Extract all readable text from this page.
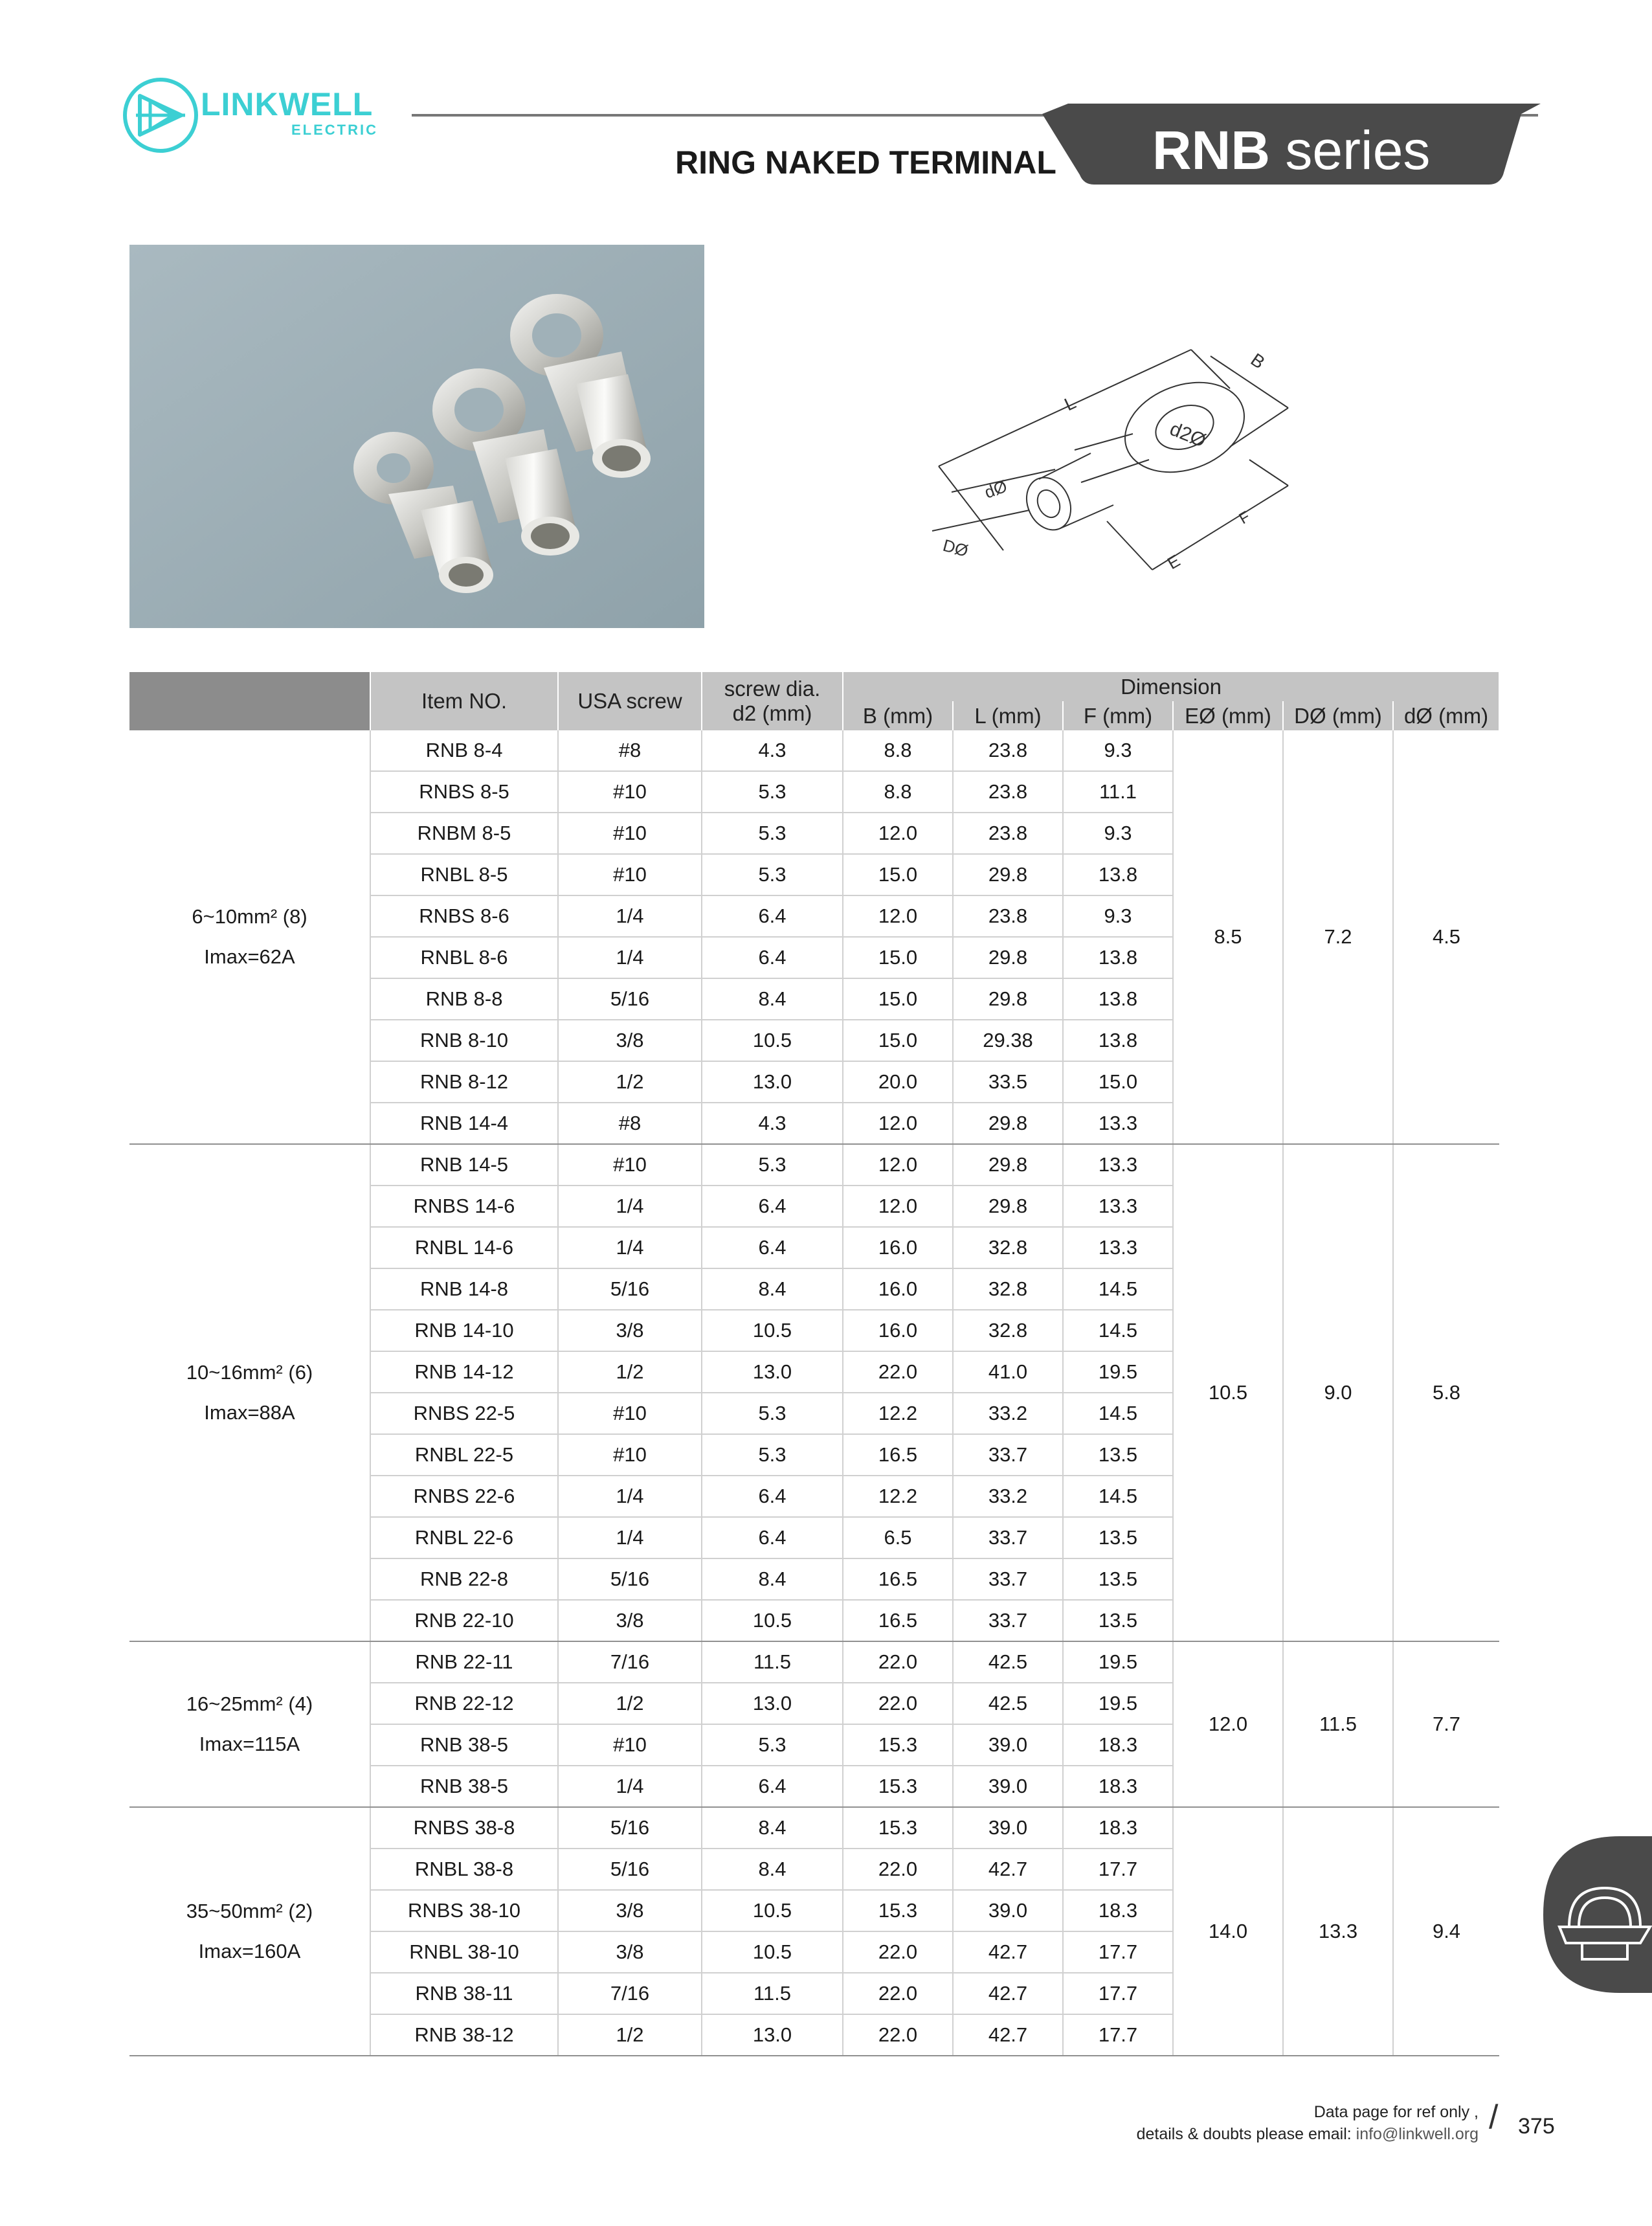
LINKWELL
ELECTRIC	RNB series
RING NAKED TERMINAL
L
B
d2Ø
F
E
dØ
DØ
	Item NO.	USA screw	screw dia.
d2 (mm)	Dimension					
				B (mm)	L (mm)	F (mm)	EØ (mm)	DØ (mm)	dØ (mm)

6~10mm² (8)
Imax=62A	RNB 8-4	#8	4.3	8.8	23.8	9.3	8.5	7.2	4.5
	RNBS 8-5	#10	5.3	8.8	23.8	11.1			
	RNBM 8-5	#10	5.3	12.0	23.8	9.3			
	RNBL 8-5	#10	5.3	15.0	29.8	13.8			
	RNBS 8-6	1/4	6.4	12.0	23.8	9.3			
	RNBL 8-6	1/4	6.4	15.0	29.8	13.8			
	RNB 8-8	5/16	8.4	15.0	29.8	13.8			
	RNB 8-10	3/8	10.5	15.0	29.38	13.8			
	RNB 8-12	1/2	13.0	20.0	33.5	15.0			
	RNB 14-4	#8	4.3	12.0	29.8	13.3			

10~16mm² (6)
Imax=88A	RNB 14-5	#10	5.3	12.0	29.8	13.3	10.5	9.0	5.8
	RNBS 14-6	1/4	6.4	12.0	29.8	13.3			
	RNBL 14-6	1/4	6.4	16.0	32.8	13.3			
	RNB 14-8	5/16	8.4	16.0	32.8	14.5			
	RNB 14-10	3/8	10.5	16.0	32.8	14.5			
	RNB 14-12	1/2	13.0	22.0	41.0	19.5			
	RNBS 22-5	#10	5.3	12.2	33.2	14.5			
	RNBL 22-5	#10	5.3	16.5	33.7	13.5			
	RNBS 22-6	1/4	6.4	12.2	33.2	14.5			
	RNBL 22-6	1/4	6.4	6.5	33.7	13.5			
	RNB 22-8	5/16	8.4	16.5	33.7	13.5			
	RNB 22-10	3/8	10.5	16.5	33.7	13.5			

16~25mm² (4)
Imax=115A	RNB 22-11	7/16	11.5	22.0	42.5	19.5	12.0	11.5	7.7
	RNB 22-12	1/2	13.0	22.0	42.5	19.5			
	RNB 38-5	#10	5.3	15.3	39.0	18.3			
	RNB 38-5	1/4	6.4	15.3	39.0	18.3			

35~50mm² (2)
Imax=160A	RNBS 38-8	5/16	8.4	15.3	39.0	18.3	14.0	13.3	9.4
	RNBL 38-8	5/16	8.4	22.0	42.7	17.7			
	RNBS 38-10	3/8	10.5	15.3	39.0	18.3			
	RNBL 38-10	3/8	10.5	22.0	42.7	17.7			
	RNB 38-11	7/16	11.5	22.0	42.7	17.7			
	RNB 38-12	1/2	13.0	22.0	42.7	17.7			
Data page for ref only ,
details & doubts please email: info@linkwell.org / 375
